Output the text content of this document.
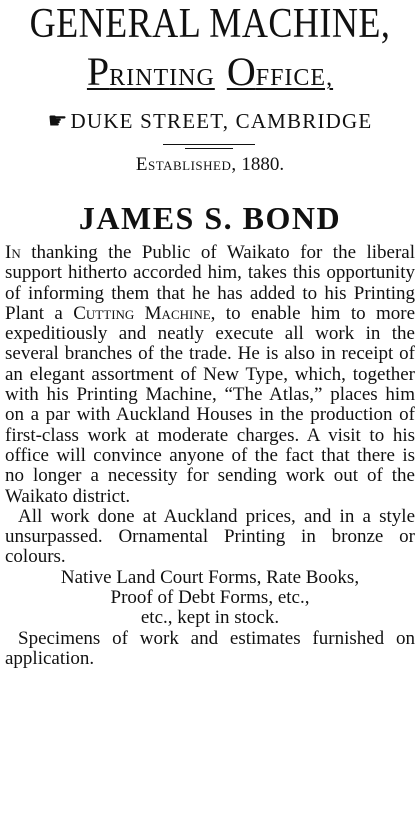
GENERAL MACHINE,
PRINTING OFFICE,
☛DUKE STREET, CAMBRIDGE
Established, 1880.
JAMES S. BOND

In thanking the Public of Waikato for the liberal support hitherto accorded him, takes this opportunity of informing them that he has added to his Printing Plant a Cutting Machine, to enable him to more expeditiously and neatly execute all work in the several branches of the trade. He is also in receipt of an elegant assortment of New Type, which, together with his Printing Machine, “The Atlas,” places him on a par with Auckland Houses in the production of first-class work at moderate charges. A visit to his office will convince anyone of the fact that there is no longer a necessity for sending work out of the Waikato district.

All work done at Auckland prices, and in a style unsurpassed. Ornamental Printing in bronze or colours.

Native Land Court Forms, Rate Books,

Proof of Debt Forms, etc.,

etc., kept in stock.

Specimens of work and estimates furnished on application.
